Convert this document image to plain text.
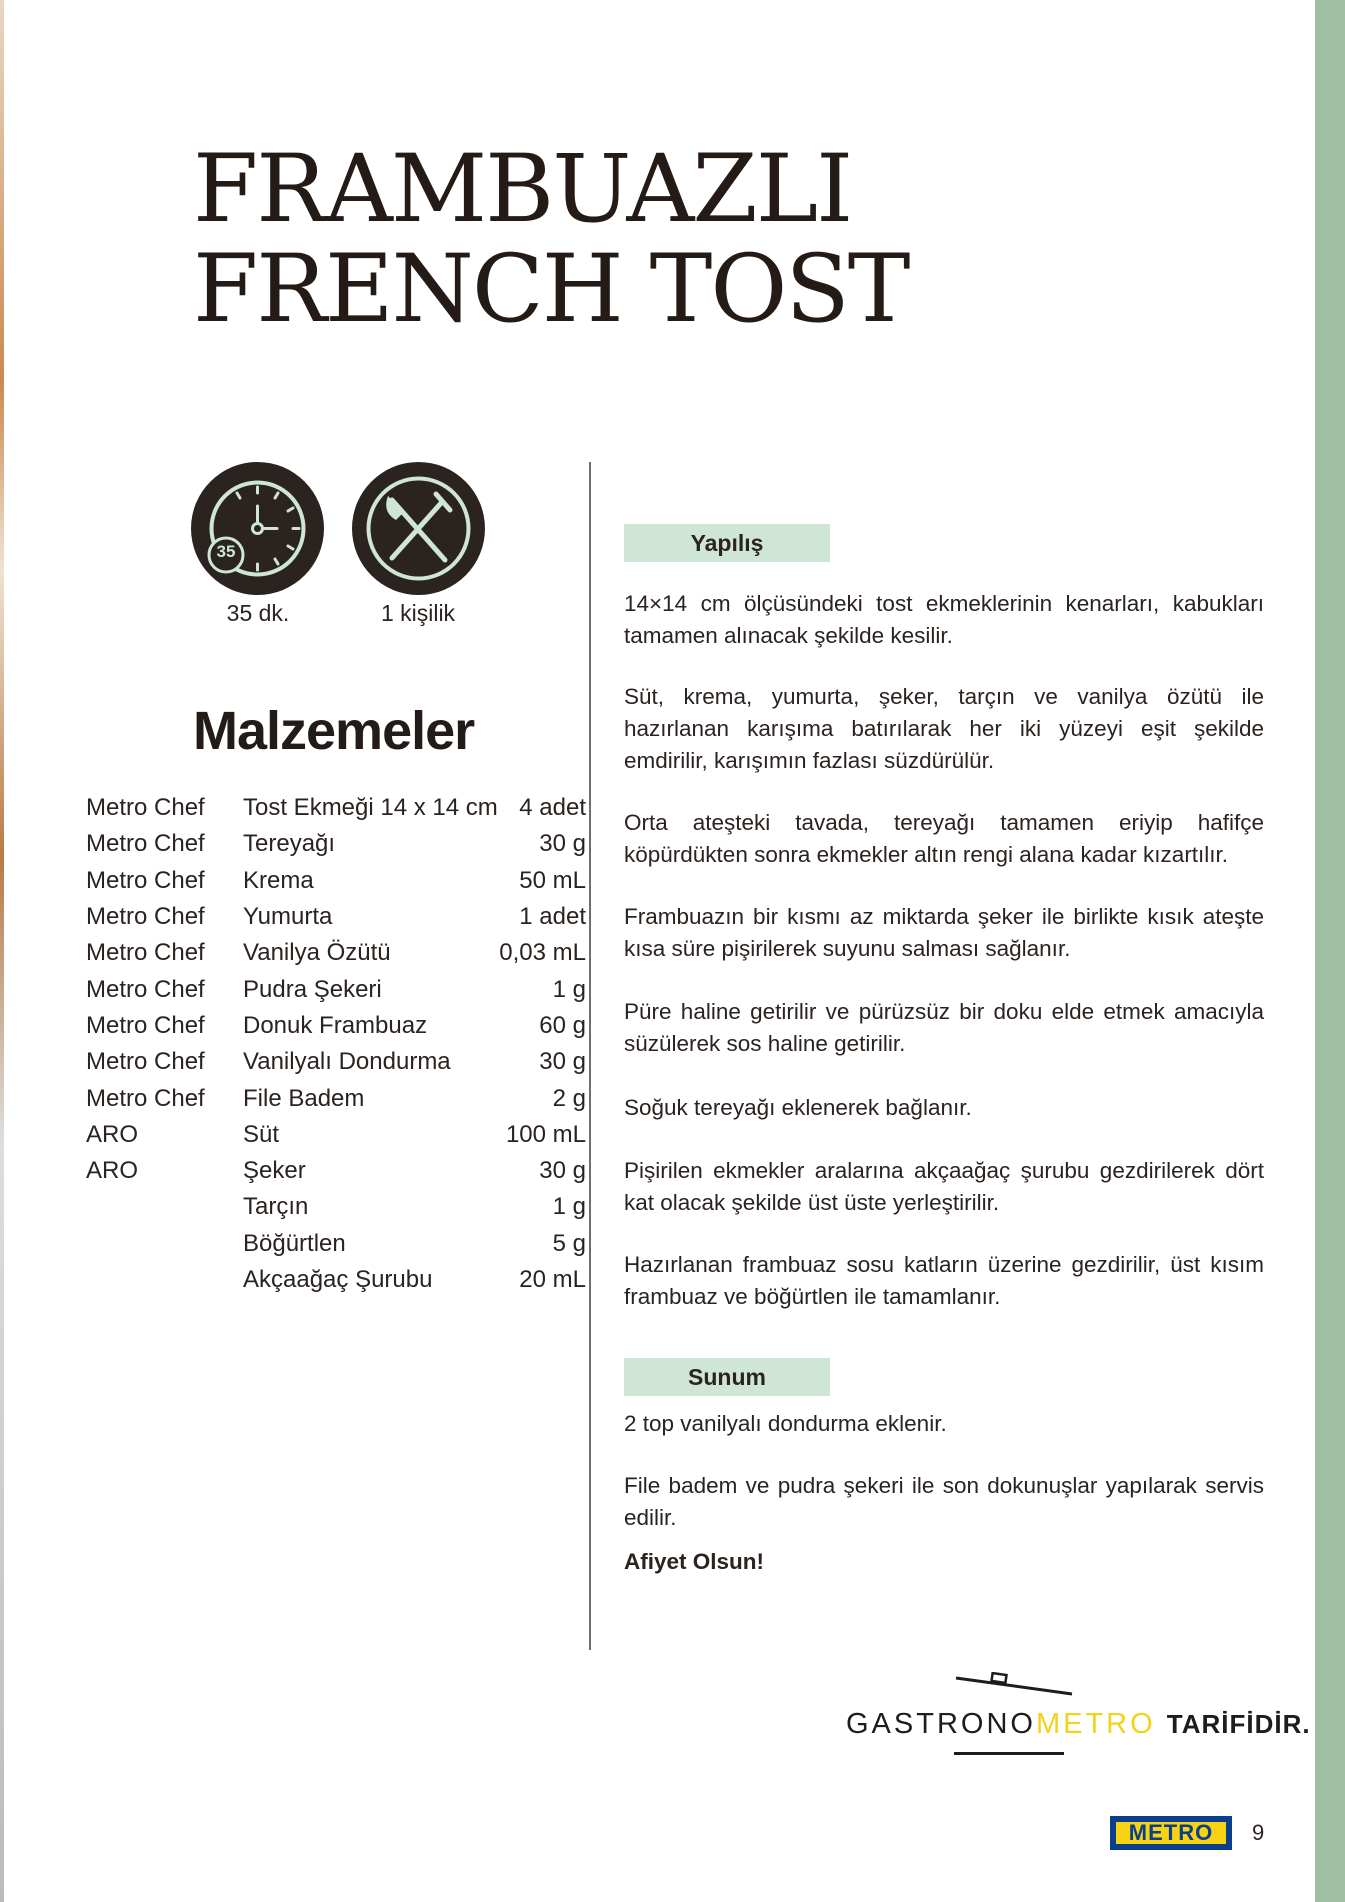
FRAMBUAZLI
FRENCH TOST
35
35 dk.	1 kişilik
Malzemeler
Metro Chef	Tost Ekmeği 14 x 14 cm	4 adet
Metro Chef	Tereyağı	30 g
Metro Chef	Krema	50 mL
Metro Chef	Yumurta	1 adet
Metro Chef	Vanilya Özütü	0,03 mL
Metro Chef	Pudra Şekeri	1 g
Metro Chef	Donuk Frambuaz	60 g
Metro Chef	Vanilyalı Dondurma	30 g
Metro Chef	File Badem	2 g
ARO	Süt	100 mL
ARO	Şeker	30 g
	Tarçın	1 g
	Böğürtlen	5 g
	Akçaağaç Şurubu	20 mL
Yapılış

14×14 cm ölçüsündeki tost ekmeklerinin kenarları, kabukları tamamen alınacak şekilde kesilir.

Süt, krema, yumurta, şeker, tarçın ve vanilya özütü ile hazırlanan karışıma batırılarak her iki yüzeyi eşit şekilde emdirilir, karışımın fazlası süzdürülür.

Orta ateşteki tavada, tereyağı tamamen eriyip hafifçe köpürdükten sonra ekmekler altın rengi alana kadar kızartılır.

Frambuazın bir kısmı az miktarda şeker ile birlikte kısık ateşte kısa süre pişirilerek suyunu salması sağlanır.

Püre haline getirilir ve pürüzsüz bir doku elde etmek amacıyla süzülerek sos haline getirilir.

Soğuk tereyağı eklenerek bağlanır.

Pişirilen ekmekler aralarına akçaağaç şurubu gezdirilerek dört kat olacak şekilde üst üste yerleştirilir.

Hazırlanan frambuaz sosu katların üzerine gezdirilir, üst kısım frambuaz ve böğürtlen ile tamamlanır.

Sunum

2 top vanilyalı dondurma eklenir.

File badem ve pudra şekeri ile son dokunuşlar yapılarak servis edilir.

Afiyet Olsun!

GASTRONOMETRO TARİFİDİR.
METRO	9
